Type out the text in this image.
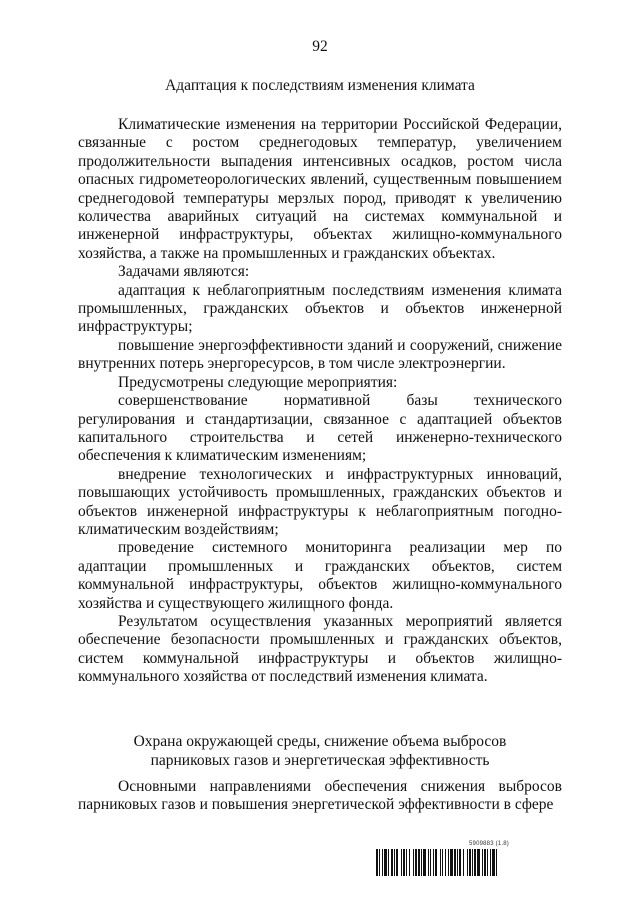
92
Адаптация к последствиям изменения климата

Климатические изменения на территории Российской Федерации, связанные с ростом среднегодовых температур, увеличением продолжительности выпадения интенсивных осадков, ростом числа опасных гидрометеорологических явлений, существенным повышением среднегодовой температуры мерзлых пород, приводят к увеличению количества аварийных ситуаций на системах коммунальной и инженерной инфраструктуры, объектах жилищно-коммунального хозяйства, а также на промышленных и гражданских объектах.

Задачами являются:

адаптация к неблагоприятным последствиям изменения климата промышленных, гражданских объектов и объектов инженерной инфраструктуры;

повышение энергоэффективности зданий и сооружений, снижение внутренних потерь энергоресурсов, в том числе электроэнергии.

Предусмотрены следующие мероприятия:

совершенствование нормативной базы технического регулирования и стандартизации, связанное с адаптацией объектов капитального строительства и сетей инженерно-технического обеспечения к климатическим изменениям;

внедрение технологических и инфраструктурных инноваций, повышающих устойчивость промышленных, гражданских объектов и объектов инженерной инфраструктуры к неблагоприятным погодно-климатическим воздействиям;

проведение системного мониторинга реализации мер по адаптации промышленных и гражданских объектов, систем коммунальной инфраструктуры, объектов жилищно-коммунального хозяйства и существующего жилищного фонда.

Результатом осуществления указанных мероприятий является обеспечение безопасности промышленных и гражданских объектов, систем коммунальной инфраструктуры и объектов жилищно-коммунального хозяйства от последствий изменения климата.

Охрана окружающей среды, снижение объема выбросов
парниковых газов и энергетическая эффективность

Основными направлениями обеспечения снижения выбросов парниковых газов и повышения энергетической эффективности в сфере

5909883 (1.8)
